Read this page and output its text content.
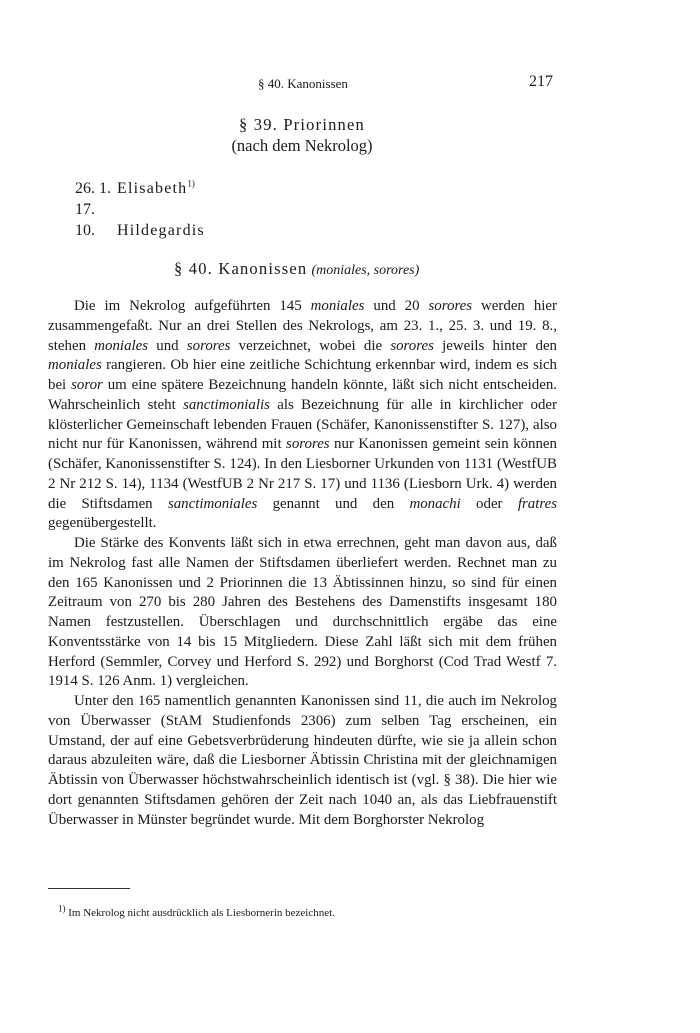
§ 40. Kanonissen	217
§ 39. Priorinnen
(nach dem Nekrolog)
26. 1. Elisabeth$^{1)}$
17. 10. Hildegardis
§ 40. Kanonissen (moniales, sorores)

Die im Nekrolog aufgeführten 145 moniales und 20 sorores werden hier zusammengefaßt. Nur an drei Stellen des Nekrologs, am 23. 1., 25. 3. und 19. 8., stehen moniales und sorores verzeichnet, wobei die sorores jeweils hinter den moniales rangieren. Ob hier eine zeitliche Schichtung erkennbar wird, indem es sich bei soror um eine spätere Bezeichnung handeln könnte, läßt sich nicht entscheiden. Wahrscheinlich steht sanctimonialis als Bezeichnung für alle in kirchlicher oder klösterlicher Gemeinschaft lebenden Frauen (Schäfer, Kanonissenstifter S. 127), also nicht nur für Kanonissen, während mit sorores nur Kanonissen gemeint sein können (Schäfer, Kanonissenstifter S. 124). In den Liesborner Urkunden von 1131 (WestfUB 2 Nr 212 S. 14), 1134 (WestfUB 2 Nr 217 S. 17) und 1136 (Liesborn Urk. 4) werden die Stiftsdamen sanctimoniales genannt und den monachi oder fratres gegenübergestellt.

Die Stärke des Konvents läßt sich in etwa errechnen, geht man davon aus, daß im Nekrolog fast alle Namen der Stiftsdamen überliefert werden. Rechnet man zu den 165 Kanonissen und 2 Priorinnen die 13 Äbtissinnen hinzu, so sind für einen Zeitraum von 270 bis 280 Jahren des Bestehens des Damenstifts insgesamt 180 Namen festzustellen. Überschlagen und durchschnittlich ergäbe das eine Konventsstärke von 14 bis 15 Mitgliedern. Diese Zahl läßt sich mit dem frühen Herford (Semmler, Corvey und Herford S. 292) und Borghorst (Cod Trad Westf 7. 1914 S. 126 Anm. 1) vergleichen.

Unter den 165 namentlich genannten Kanonissen sind 11, die auch im Nekrolog von Überwasser (StAM Studienfonds 2306) zum selben Tag erscheinen, ein Umstand, der auf eine Gebetsverbrüderung hindeuten dürfte, wie sie ja allein schon daraus abzuleiten wäre, daß die Liesborner Äbtissin Christina mit der gleichnamigen Äbtissin von Überwasser höchstwahrscheinlich identisch ist (vgl. § 38). Die hier wie dort genannten Stiftsdamen gehören der Zeit nach 1040 an, als das Liebfrauenstift Überwasser in Münster begründet wurde. Mit dem Borghorster Nekrolog

$^{1)}$ Im Nekrolog nicht ausdrücklich als Liesbornerin bezeichnet.
